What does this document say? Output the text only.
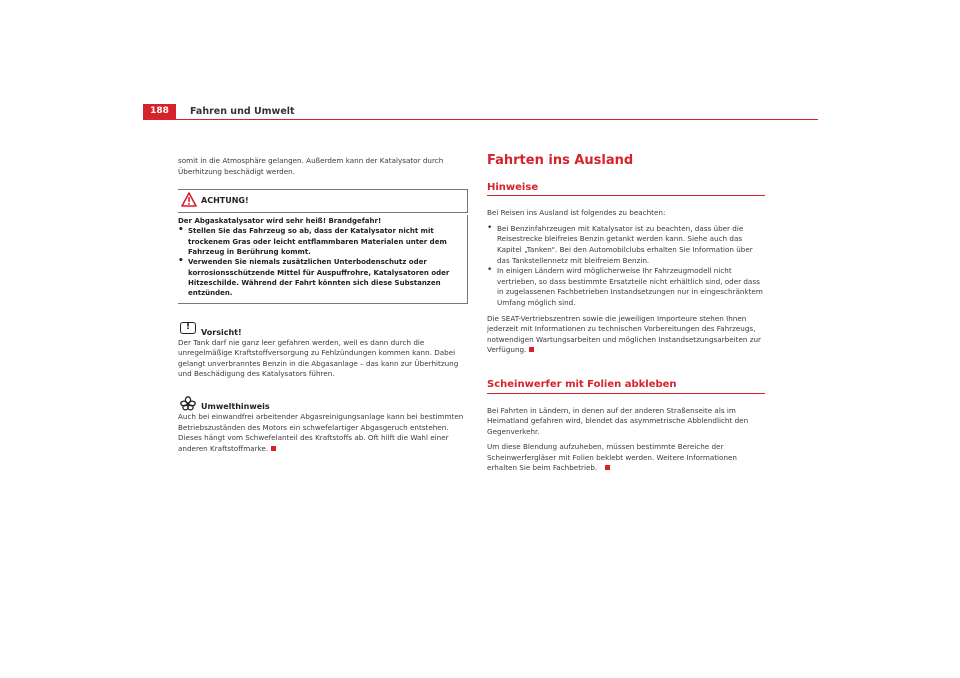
188	Fahren und Umwelt

somit in die Atmosphäre gelangen. Außerdem kann der Katalysator durch Überhitzung beschädigt werden.

ACHTUNG!

Der Abgaskatalysator wird sehr heiß! Brandgefahr!

• Stellen Sie das Fahrzeug so ab, dass der Katalysator nicht mit trockenem Gras oder leicht entflammbaren Materialen unter dem Fahrzeug in Berührung kommt.
• Verwenden Sie niemals zusätzlichen Unterbodenschutz oder korrosionsschützende Mittel für Auspuffrohre, Katalysatoren oder Hitzeschilde. Während der Fahrt könnten sich diese Substanzen entzünden.
!
Vorsicht!

Der Tank darf nie ganz leer gefahren werden, weil es dann durch die unregelmäßige Kraftstoffversorgung zu Fehlzündungen kommen kann. Dabei gelangt unverbranntes Benzin in die Abgasanlage – das kann zur Überhitzung und Beschädigung des Katalysators führen.

Umwelthinweis

Auch bei einwandfrei arbeitender Abgasreinigungsanlage kann bei bestimmten Betriebszuständen des Motors ein schwefelartiger Abgasgeruch entstehen. Dieses hängt vom Schwefelanteil des Kraftstoffs ab. Oft hilft die Wahl einer anderen Kraftstoffmarke.

Fahrten ins Ausland
Hinweise

Bei Reisen ins Ausland ist folgendes zu beachten:

• Bei Benzinfahrzeugen mit Katalysator ist zu beachten, dass über die Reisestrecke bleifreies Benzin getankt werden kann. Siehe auch das Kapitel „Tanken“. Bei den Automobilclubs erhalten Sie Information über das Tankstellennetz mit bleifreiem Benzin.
• In einigen Ländern wird möglicherweise Ihr Fahrzeugmodell nicht vertrieben, so dass bestimmte Ersatzteile nicht erhältlich sind, oder dass in zugelassenen Fachbetrieben Instandsetzungen nur in eingeschränktem Umfang möglich sind.

Die SEAT-Vertriebszentren sowie die jeweiligen Importeure stehen Ihnen jederzeit mit Informationen zu technischen Vorbereitungen des Fahrzeugs, notwendigen Wartungsarbeiten und möglichen Instandsetzungsarbeiten zur Verfügung.

Scheinwerfer mit Folien abkleben

Bei Fahrten in Ländern, in denen auf der anderen Straßenseite als im Heimatland gefahren wird, blendet das asymmetrische Abblendlicht den Gegenverkehr.

Um diese Blendung aufzuheben, müssen bestimmte Bereiche der Scheinwerfergläser mit Folien beklebt werden. Weitere Informationen erhalten Sie beim Fachbetrieb.
